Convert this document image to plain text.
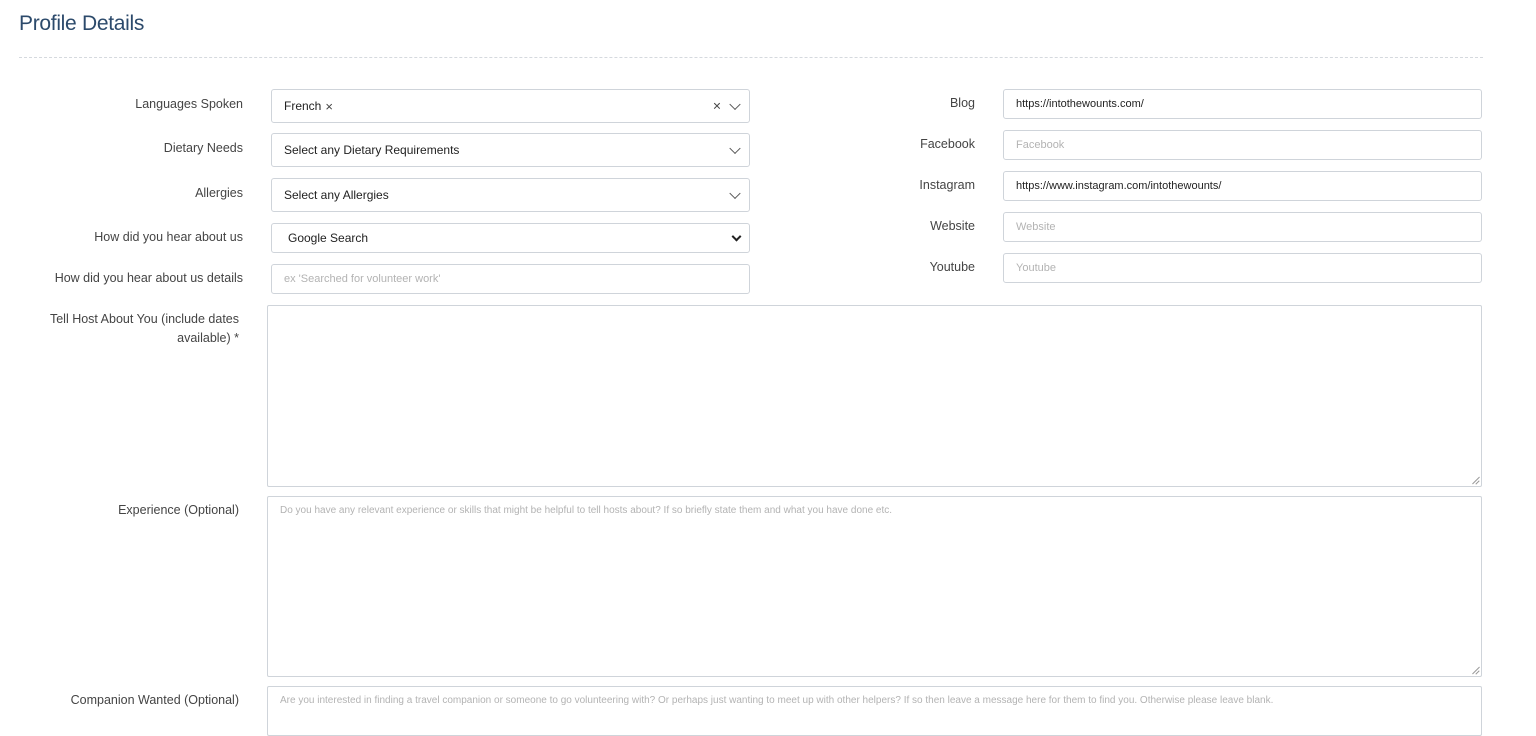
Profile Details
Languages Spoken	French ×	×
Dietary Needs	Select any Dietary Requirements
Allergies	Select any Allergies
How did you hear about us	Google Search
How did you hear about us details	ex 'Searched for volunteer work'
Blog	https://intothewounts.com/
Facebook	Facebook
Instagram	https://www.instagram.com/intothewounts/
Website	Website
Youtube	Youtube
Tell Host About You (include dates
available) *
Experience (Optional)	Do you have any relevant experience or skills that might be helpful to tell hosts about? If so briefly state them and what you have done etc.
Companion Wanted (Optional)	Are you interested in finding a travel companion or someone to go volunteering with? Or perhaps just wanting to meet up with other helpers? If so then leave a message here for them to find you. Otherwise please leave blank.
